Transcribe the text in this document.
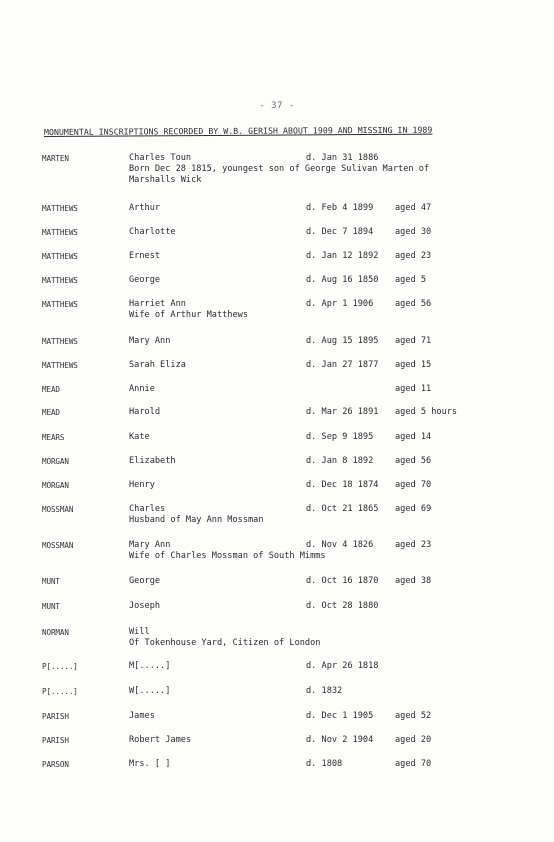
- 37 -
MONUMENTAL INSCRIPTIONS RECORDED BY W.B. GERISH ABOUT 1909 AND MISSING IN 1989
MARTEN	Charles Toun	d. Jan 31 1886
Born Dec 28 1815, youngest son of George Sulivan Marten of
Marshalls Wick
MATTHEWS	Arthur	d. Feb 4 1899	aged 47
MATTHEWS	Charlotte	d. Dec 7 1894	aged 30
MATTHEWS	Ernest	d. Jan 12 1892 aged 23
MATTHEWS	George	d. Aug 16 1850 aged 5
MATTHEWS	Harriet Ann	d. Apr 1 1906	aged 56
Wife of Arthur Matthews
MATTHEWS	Mary Ann	d. Aug 15 1895 aged 71
MATTHEWS	Sarah Eliza	d. Jan 27 1877 aged 15
MEAD	Annie	aged 11
MEAD	Harold	d. Mar 26 1891 aged 5 hours
MEARS	Kate	d. Sep 9 1895	aged 14
MORGAN	Elizabeth	d. Jan 8 1892	aged 56
MORGAN	Henry	d. Dec 18 1874 aged 70
MOSSMAN	Charles	d. Oct 21 1865 aged 69
Husband of May Ann Mossman
MOSSMAN	Mary Ann	d. Nov 4 1826	aged 23
Wife of Charles Mossman of South Mimms
MUNT	George	d. Oct 16 1870 aged 38
MUNT	Joseph	d. Oct 28 1880
NORMAN	Will
Of Tokenhouse Yard, Citizen of London
P[.....]	M[.....]	d. Apr 26 1818
P[.....]	W[.....]	d. 1832
PARISH	James	d. Dec 1 1905	aged 52
PARISH	Robert James	d. Nov 2 1904	aged 20
PARSON	Mrs. [ ]	d. 1808	aged 70
